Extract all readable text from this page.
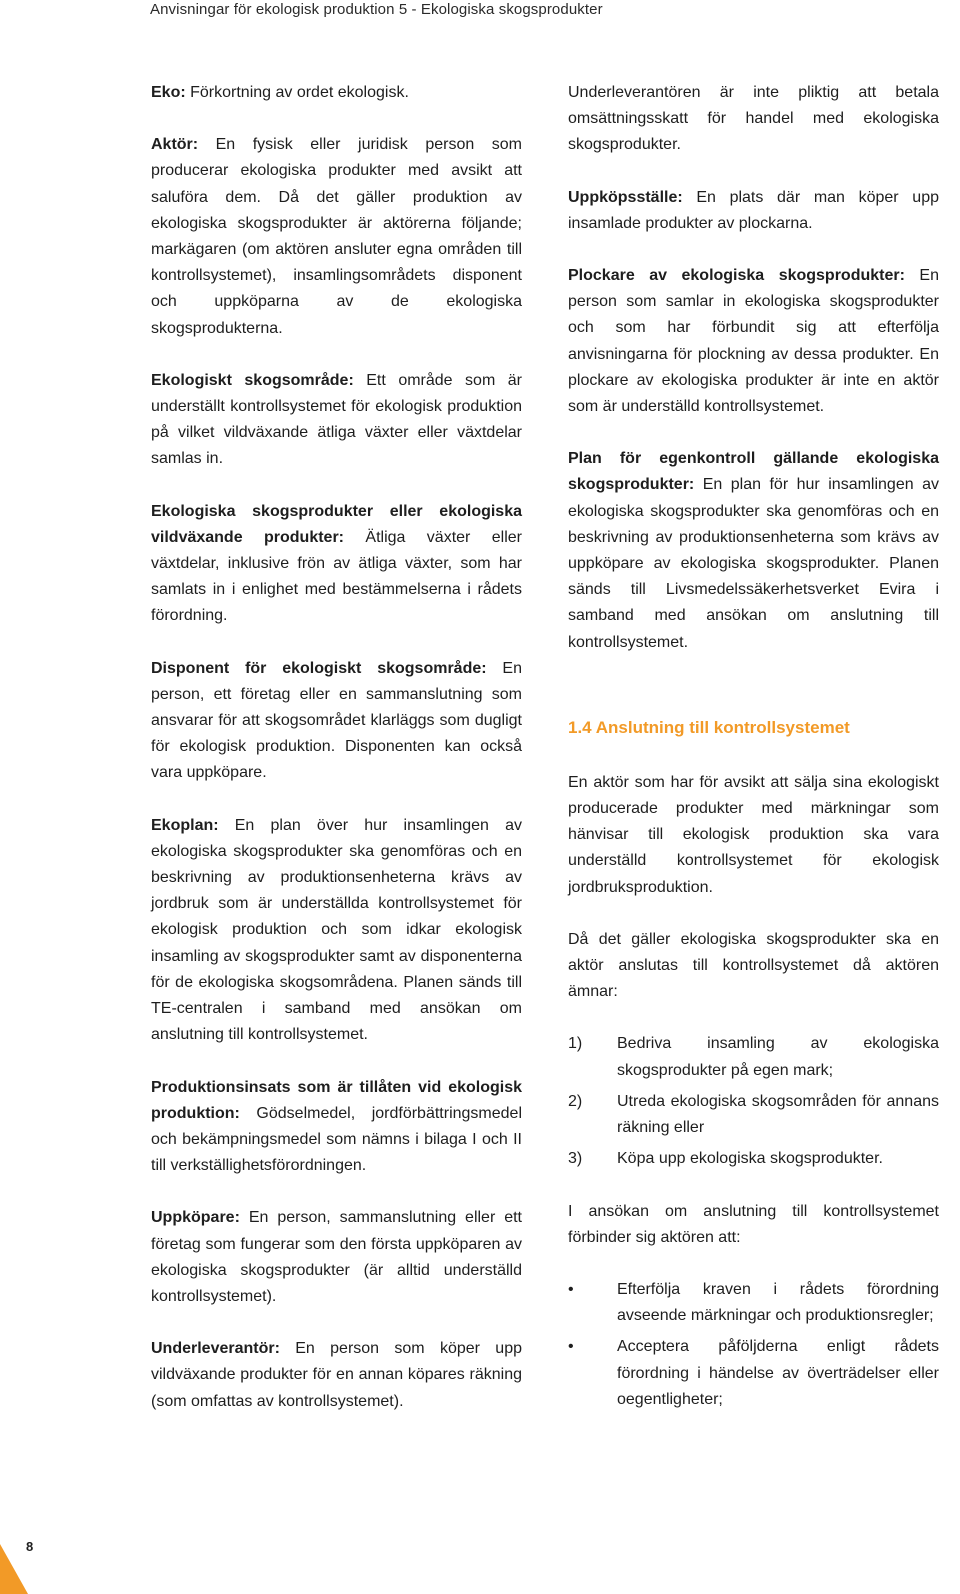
Anvisningar för ekologisk produktion 5 - Ekologiska skogsprodukter

Eko: Förkortning av ordet ekologisk.

Aktör: En fysisk eller juridisk person som producerar ekologiska produkter med avsikt att saluföra dem. Då det gäller produktion av ekologiska skogsprodukter är aktörerna följande; markägaren (om aktören ansluter egna områden till kontrollsystemet), insamlingsområdets disponent och uppköparna av de ekologiska skogsprodukterna.

Ekologiskt skogsområde: Ett område som är underställt kontrollsystemet för ekologisk produktion på vilket vildväxande ätliga växter eller växtdelar samlas in.

Ekologiska skogsprodukter eller ekologiska vildväxande produkter: Ätliga växter eller växtdelar, inklusive frön av ätliga växter, som har samlats in i enlighet med bestämmelserna i rådets förordning.

Disponent för ekologiskt skogsområde: En person, ett företag eller en sammanslutning som ansvarar för att skogsområdet klarläggs som dugligt för ekologisk produktion. Disponenten kan också vara uppköpare.

Ekoplan: En plan över hur insamlingen av ekologiska skogsprodukter ska genomföras och en beskrivning av produktionsenheterna krävs av jordbruk som är underställda kontrollsystemet för ekologisk produktion och som idkar ekologisk insamling av skogsprodukter samt av disponenterna för de ekologiska skogsområdena. Planen sänds till TE-centralen i samband med ansökan om anslutning till kontrollsystemet.

Produktionsinsats som är tillåten vid ekologisk produktion: Gödselmedel, jordförbättringsmedel och bekämpningsmedel som nämns i bilaga I och II till verkställighetsförordningen.

Uppköpare: En person, sammanslutning eller ett företag som fungerar som den första uppköparen av ekologiska skogsprodukter (är alltid underställd kontrollsystemet).

Underleverantör: En person som köper upp vildväxande produkter för en annan köpares räkning (som omfattas av kontrollsystemet).

Underleverantören är inte pliktig att betala omsättningsskatt för handel med ekologiska skogsprodukter.

Uppköpsställe: En plats där man köper upp insamlade produkter av plockarna.

Plockare av ekologiska skogsprodukter: En person som samlar in ekologiska skogsprodukter och som har förbundit sig att efterfölja anvisningarna för plockning av dessa produkter. En plockare av ekologiska produkter är inte en aktör som är underställd kontrollsystemet.

Plan för egenkontroll gällande ekologiska skogsprodukter: En plan för hur insamlingen av ekologiska skogsprodukter ska genomföras och en beskrivning av produktionsenheterna som krävs av uppköpare av ekologiska skogsprodukter. Planen sänds till Livsmedelssäkerhetsverket Evira i samband med ansökan om anslutning till kontrollsystemet.

1.4 Anslutning till kontrollsystemet

En aktör som har för avsikt att sälja sina ekologiskt producerade produkter med märkningar som hänvisar till ekologisk produktion ska vara underställd kontrollsystemet för ekologisk jordbruksproduktion.

Då det gäller ekologiska skogsprodukter ska en aktör anslutas till kontrollsystemet då aktören ämnar:

1)	Bedriva insamling av ekologiska skogsprodukter på egen mark;
2)	Utreda ekologiska skogsområden för annans räkning eller
3)	Köpa upp ekologiska skogsprodukter.

I ansökan om anslutning till kontrollsystemet förbinder sig aktören att:

•	Efterfölja kraven i rådets förordning avseende märkningar och produktionsregler;
•	Acceptera påföljderna enligt rådets förordning i händelse av överträdelser eller oegentligheter;
8
